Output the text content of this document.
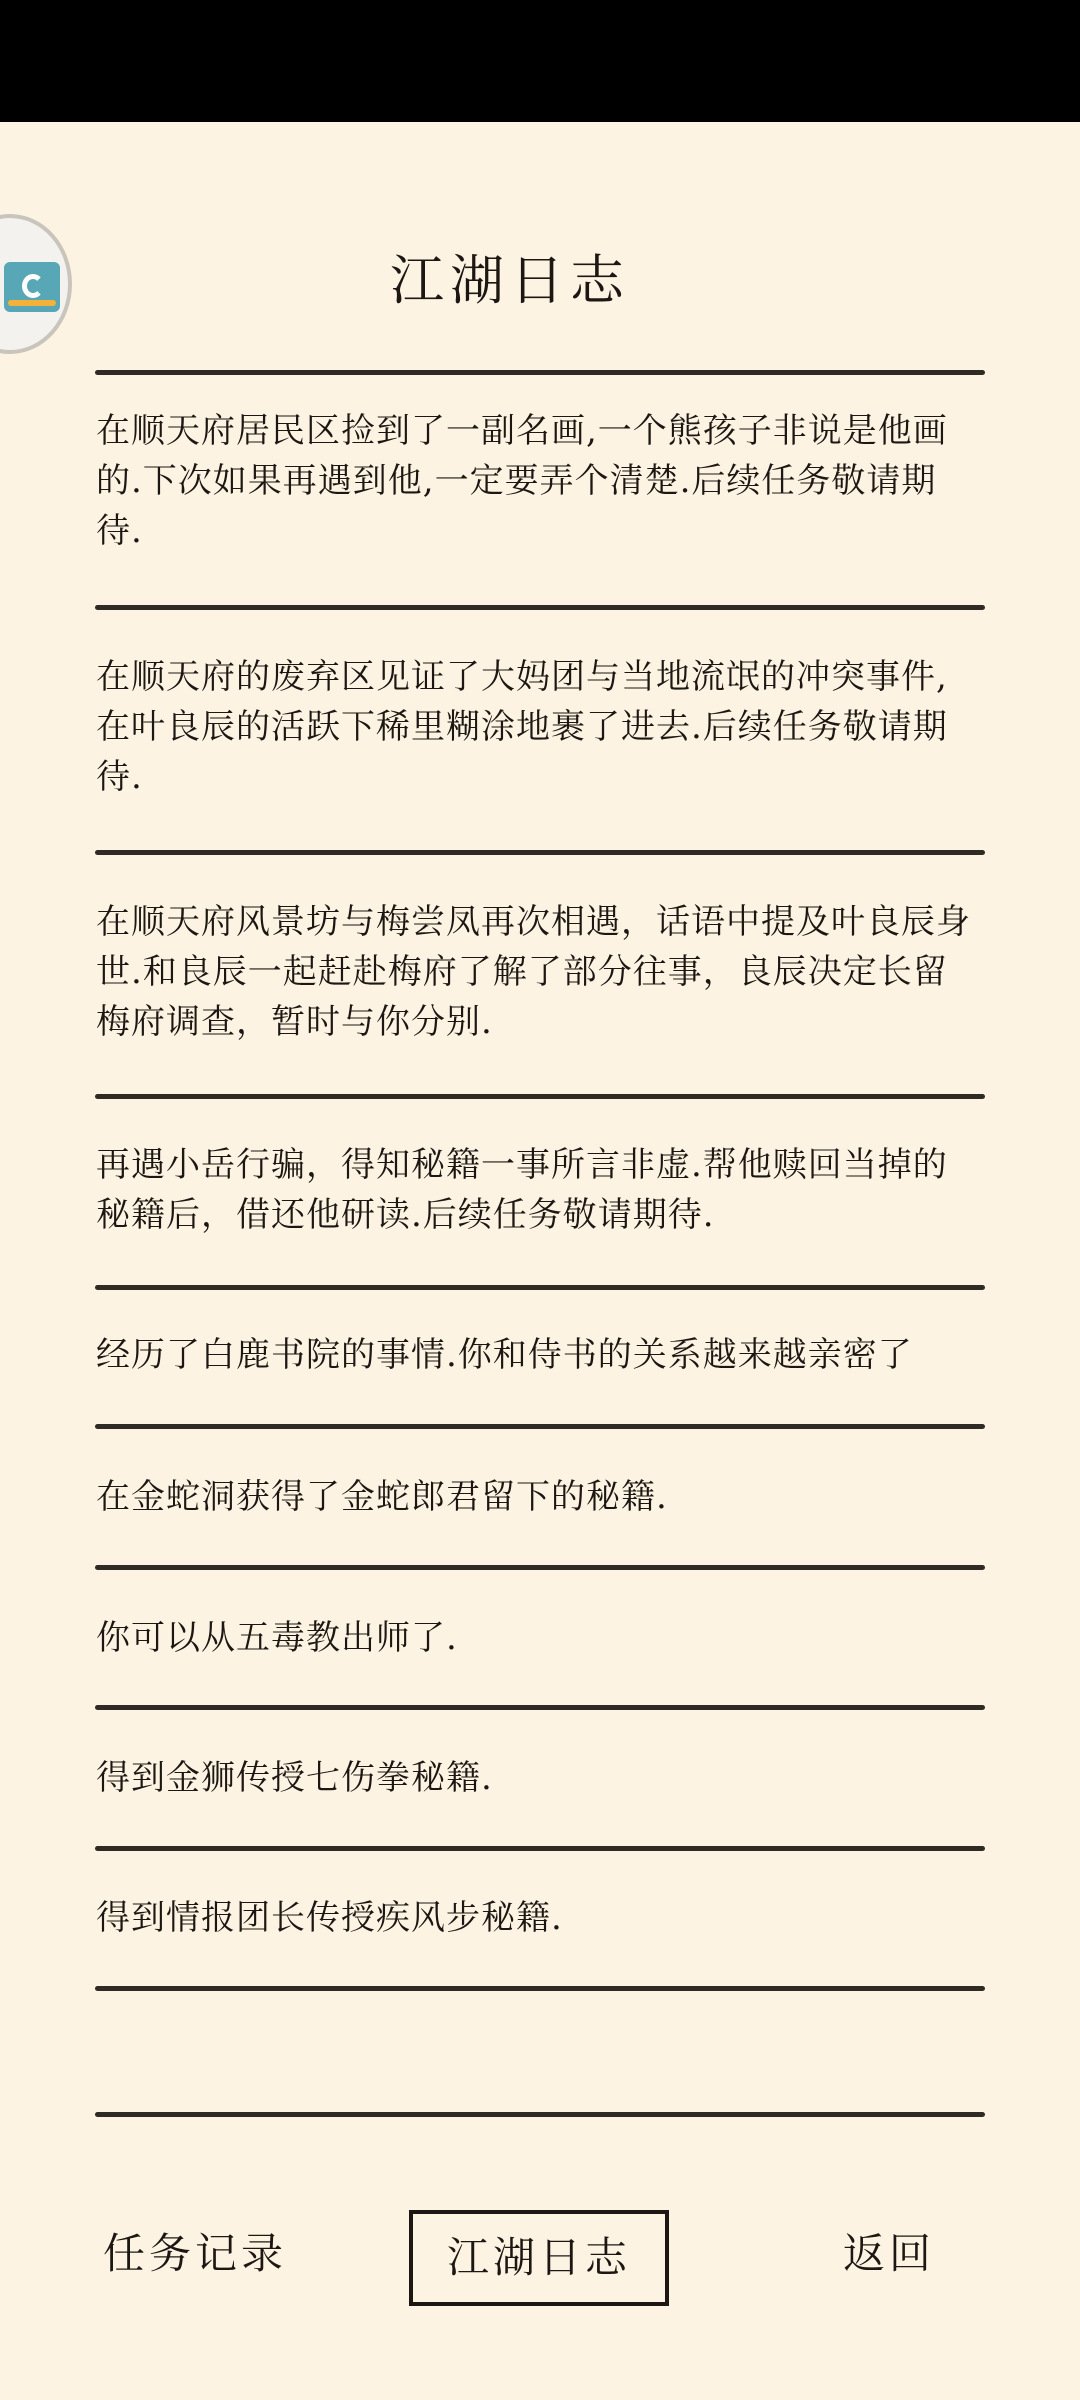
江湖日志
在顺天府居民区捡到了一副名画,一个熊孩子非说是他画的.下次如果再遇到他,一定要弄个清楚.后续任务敬请期待.
在顺天府的废弃区见证了大妈团与当地流氓的冲突事件,在叶良辰的活跃下稀里糊涂地裹了进去.后续任务敬请期待.
在顺天府风景坊与梅尝凤再次相遇，话语中提及叶良辰身世.和良辰一起赶赴梅府了解了部分往事，良辰决定长留梅府调查，暂时与你分别.
再遇小岳行骗，得知秘籍一事所言非虚.帮他赎回当掉的秘籍后，借还他研读.后续任务敬请期待.
经历了白鹿书院的事情.你和侍书的关系越来越亲密了
在金蛇洞获得了金蛇郎君留下的秘籍.
你可以从五毒教出师了.
得到金狮传授七伤拳秘籍.
得到情报团长传授疾风步秘籍.
任务记录	江湖日志	返回
